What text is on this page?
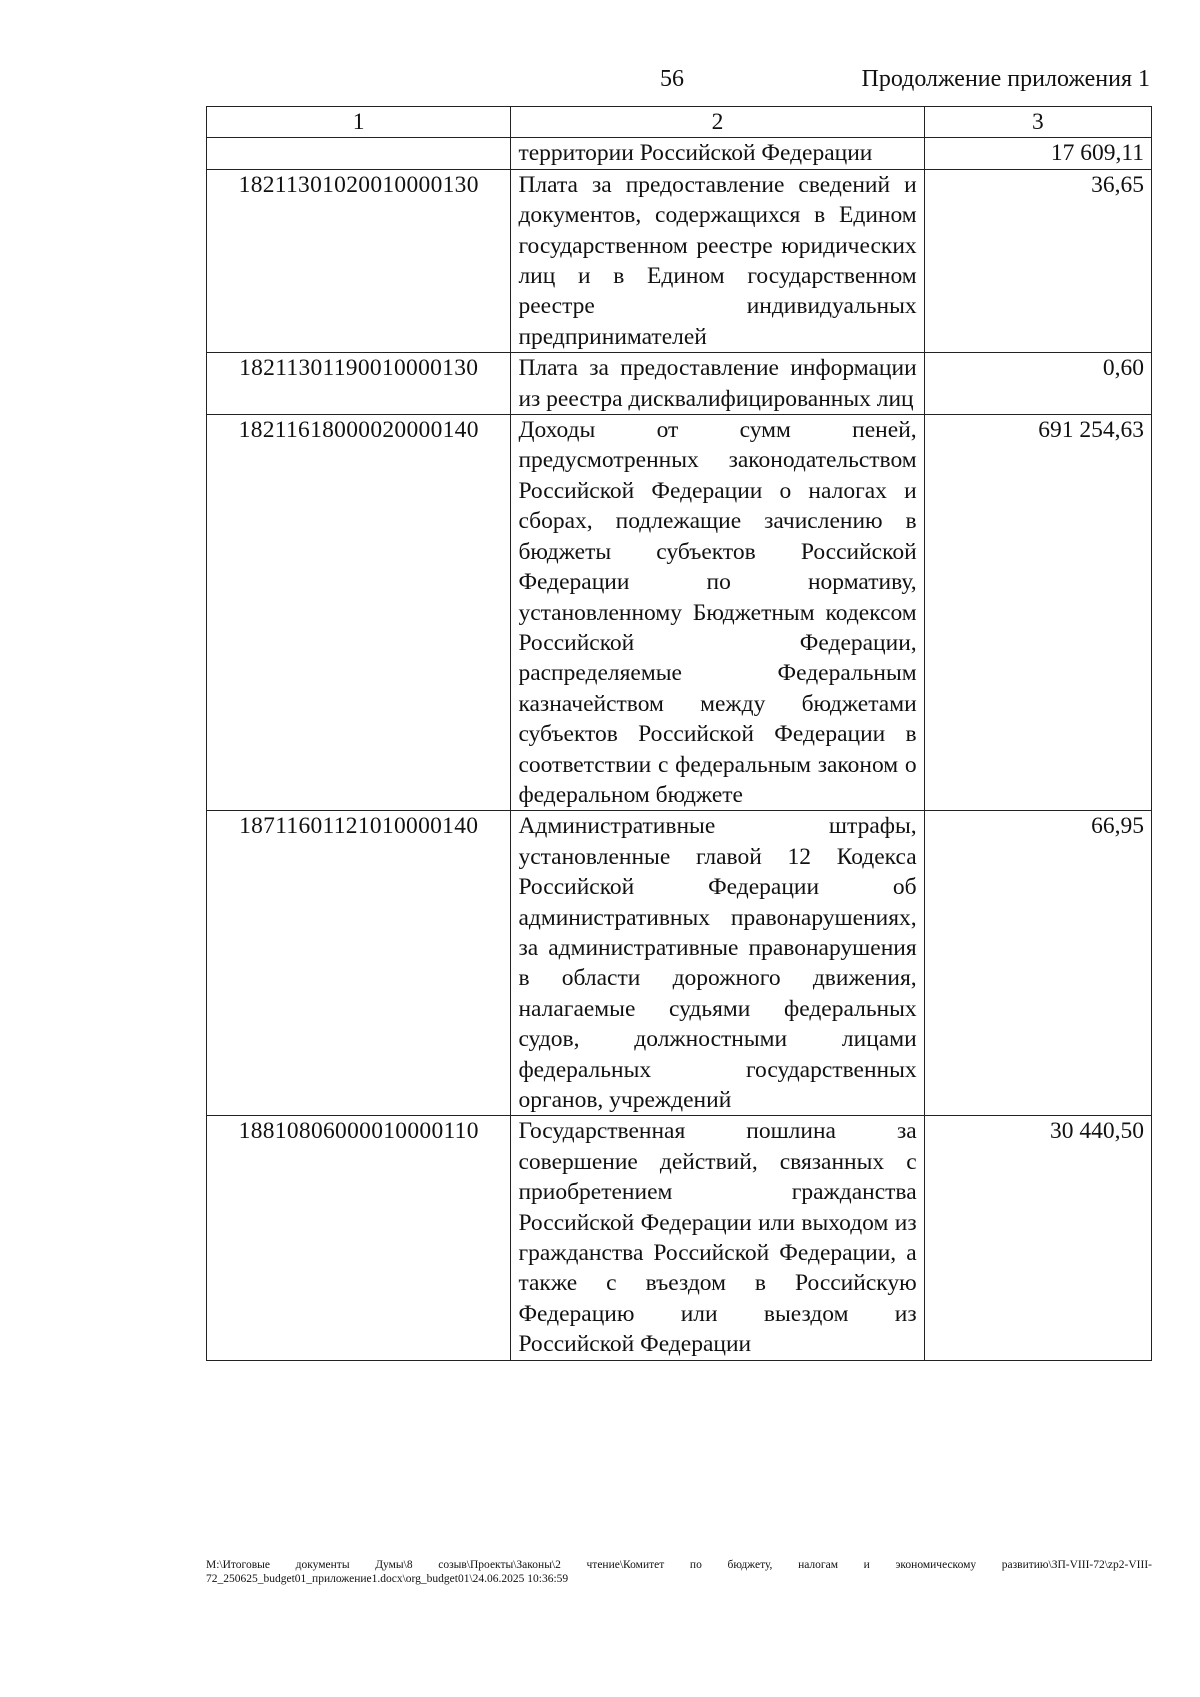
56	Продолжение приложения 1
1	2	3
	территории Российской Федерации	17 609,11
18211301020010000130	Плата за предоставление сведений и документов, содержащихся в Едином государственном реестре юридических лиц и в Едином государственном реестре индивидуальных предпринимателей	36,65
18211301190010000130	Плата за предоставление информации из реестра дисквалифицированных лиц	0,60
18211618000020000140	Доходы от сумм пеней, предусмотренных законодательством Российской Федерации о налогах и сборах, подлежащие зачислению в бюджеты субъектов Российской Федерации по нормативу, установленному Бюджетным кодексом Российской Федерации, распределяемые Федеральным казначейством между бюджетами субъектов Российской Федерации в соответствии с федеральным законом о федеральном бюджете	691 254,63
18711601121010000140	Административные штрафы, установленные главой 12 Кодекса Российской Федерации об административных правонарушениях, за административные правонарушения в области дорожного движения, налагаемые судьями федеральных судов, должностными лицами федеральных государственных органов, учреждений	66,95
18810806000010000110	Государственная пошлина за совершение действий, связанных с приобретением гражданства Российской Федерации или выходом из гражданства Российской Федерации, а также с въездом в Российскую Федерацию или выездом из Российской Федерации	30 440,50
M:\Итоговые документы Думы\8 созыв\Проекты\Законы\2 чтение\Комитет по бюджету, налогам и экономическому развитию\ЗП-VIII-72\zp2-VIII-72_250625_budget01_приложение1.docx\org_budget01\24.06.2025 10:36:59
